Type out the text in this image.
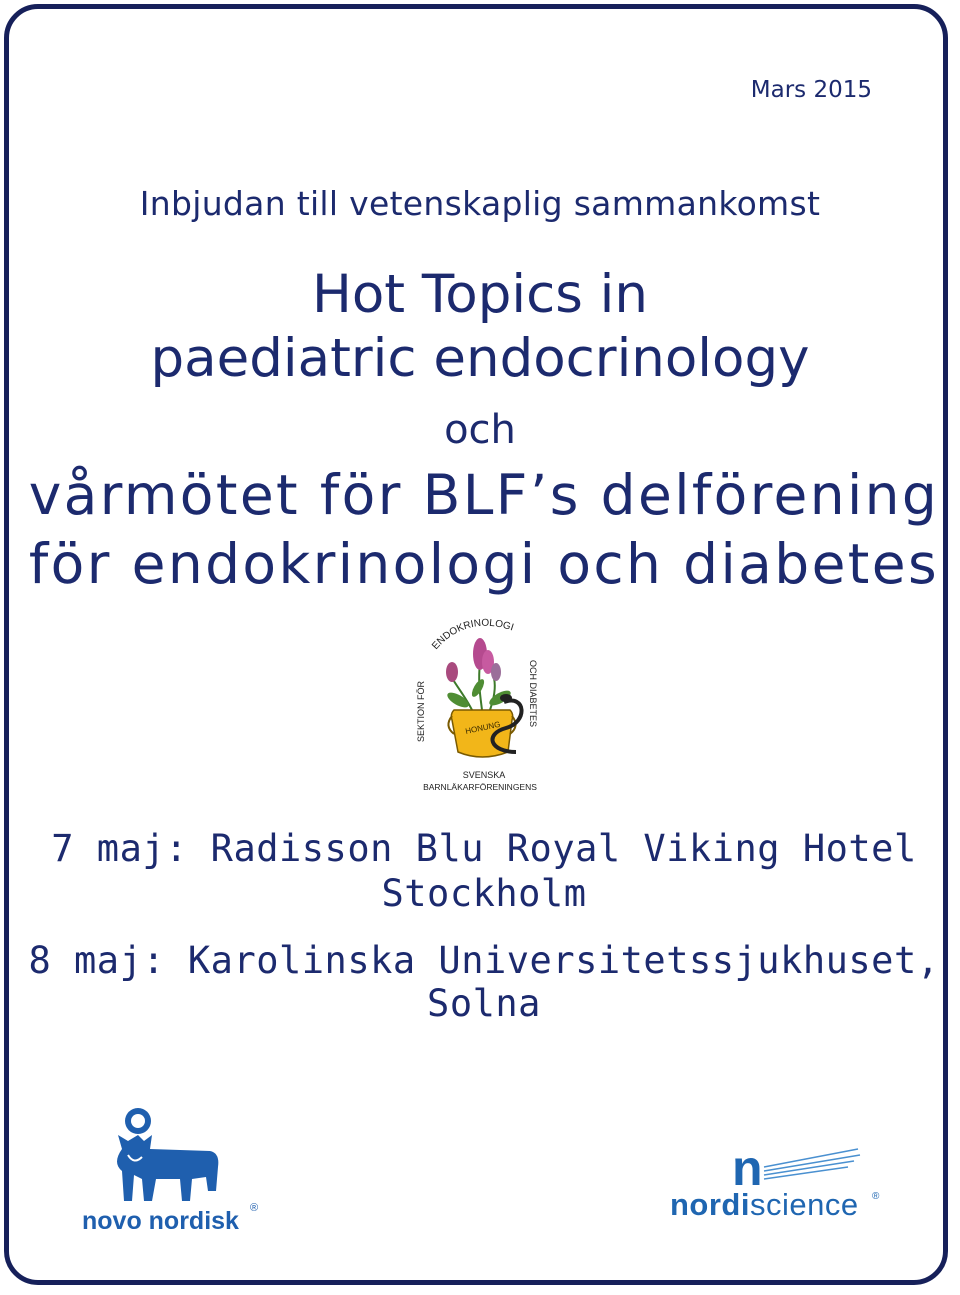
Mars 2015
Inbjudan till vetenskaplig sammankomst
Hot Topics in
paediatric endocrinology
och
vårmötet för BLF’s delförening
för endokrinologi och diabetes
ENDOKRINOLOGI
SEKTION FÖR	OCH DIABETES
HONUNG
SVENSKA
BARNLÄKARFÖRENINGENS
7 maj: Radisson Blu Royal Viking Hotel
Stockholm
8 maj: Karolinska Universitetssjukhuset, Solna
novo nordisk ®
n
nordiscience ®
